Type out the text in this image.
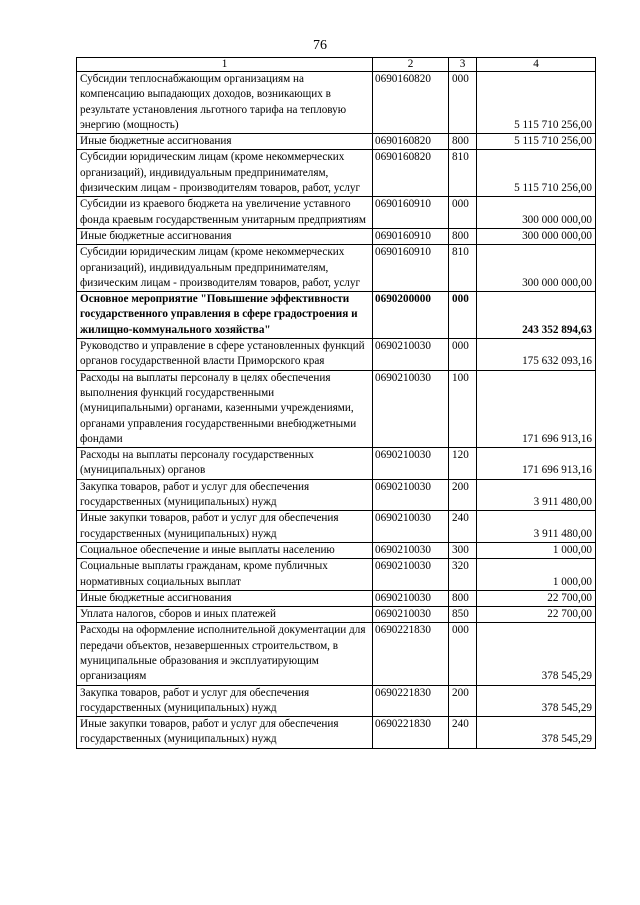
76
1	2	3	4
Субсидии теплоснабжающим организациям на компенсацию выпадающих доходов, возникающих в результате установления льготного тарифа на тепловую энергию (мощность)	0690160820	000	5 115 710 256,00
Иные бюджетные ассигнования	0690160820	800	5 115 710 256,00
Субсидии юридическим лицам (кроме некоммерческих организаций), индивидуальным предпринимателям, физическим лицам - производителям товаров, работ, услуг	0690160820	810	5 115 710 256,00
Субсидии из краевого бюджета на увеличение уставного фонда краевым государственным унитарным предприятиям	0690160910	000	300 000 000,00
Иные бюджетные ассигнования	0690160910	800	300 000 000,00
Субсидии юридическим лицам (кроме некоммерческих организаций), индивидуальным предпринимателям, физическим лицам - производителям товаров, работ, услуг	0690160910	810	300 000 000,00
Основное мероприятие "Повышение эффективности государственного управления в сфере градостроения и жилищно-коммунального хозяйства"	0690200000	000	243 352 894,63
Руководство и управление в сфере установленных функций органов государственной власти Приморского края	0690210030	000	175 632 093,16
Расходы на выплаты персоналу в целях обеспечения выполнения функций государственными (муниципальными) органами, казенными учреждениями, органами управления государственными внебюджетными фондами	0690210030	100	171 696 913,16
Расходы на выплаты персоналу государственных (муниципальных) органов	0690210030	120	171 696 913,16
Закупка товаров, работ и услуг для обеспечения государственных (муниципальных) нужд	0690210030	200	3 911 480,00
Иные закупки товаров, работ и услуг для обеспечения государственных (муниципальных) нужд	0690210030	240	3 911 480,00
Социальное обеспечение и иные выплаты населению	0690210030	300	1 000,00
Социальные выплаты гражданам, кроме публичных нормативных социальных выплат	0690210030	320	1 000,00
Иные бюджетные ассигнования	0690210030	800	22 700,00
Уплата налогов, сборов и иных платежей	0690210030	850	22 700,00
Расходы на оформление исполнительной документации для передачи объектов, незавершенных строительством, в муниципальные образования и эксплуатирующим организациям	0690221830	000	378 545,29
Закупка товаров, работ и услуг для обеспечения государственных (муниципальных) нужд	0690221830	200	378 545,29
Иные закупки товаров, работ и услуг для обеспечения государственных (муниципальных) нужд	0690221830	240	378 545,29
